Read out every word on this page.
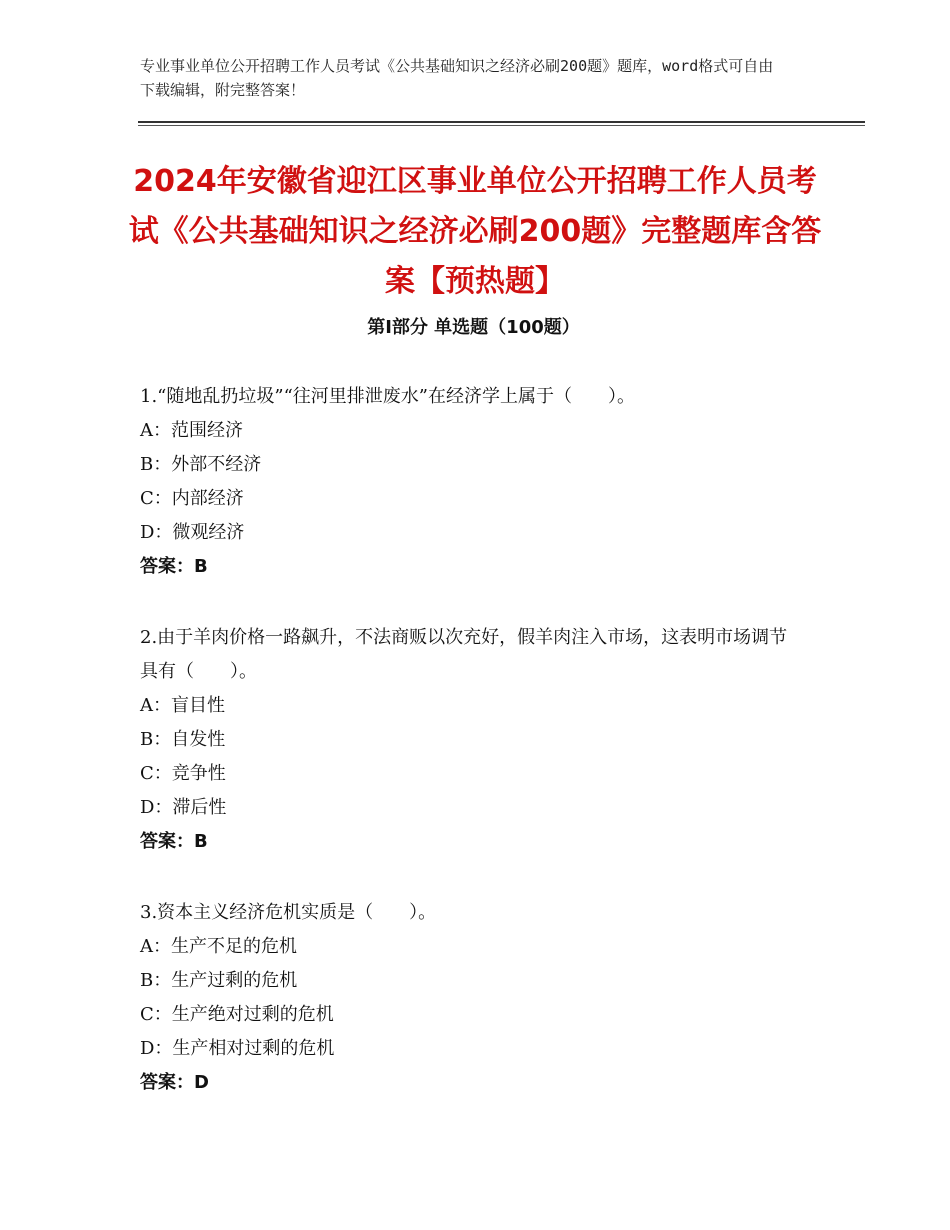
专业事业单位公开招聘工作人员考试《公共基础知识之经济必刷200题》题库，word格式可自由下载编辑，附完整答案！
2024年安徽省迎江区事业单位公开招聘工作人员考试《公共基础知识之经济必刷200题》完整题库含答案【预热题】
第Ⅰ部分 单选题（100题）
1.“随地乱扔垃圾”“往河里排泄废水”在经济学上属于（　　）。
A：范围经济
B：外部不经济
C：内部经济
D：微观经济
答案：B
2.由于羊肉价格一路飙升，不法商贩以次充好，假羊肉注入市场，这表明市场调节具有（　　）。
A：盲目性
B：自发性
C：竞争性
D：滞后性
答案：B
3.资本主义经济危机实质是（　　）。
A：生产不足的危机
B：生产过剩的危机
C：生产绝对过剩的危机
D：生产相对过剩的危机
答案：D
